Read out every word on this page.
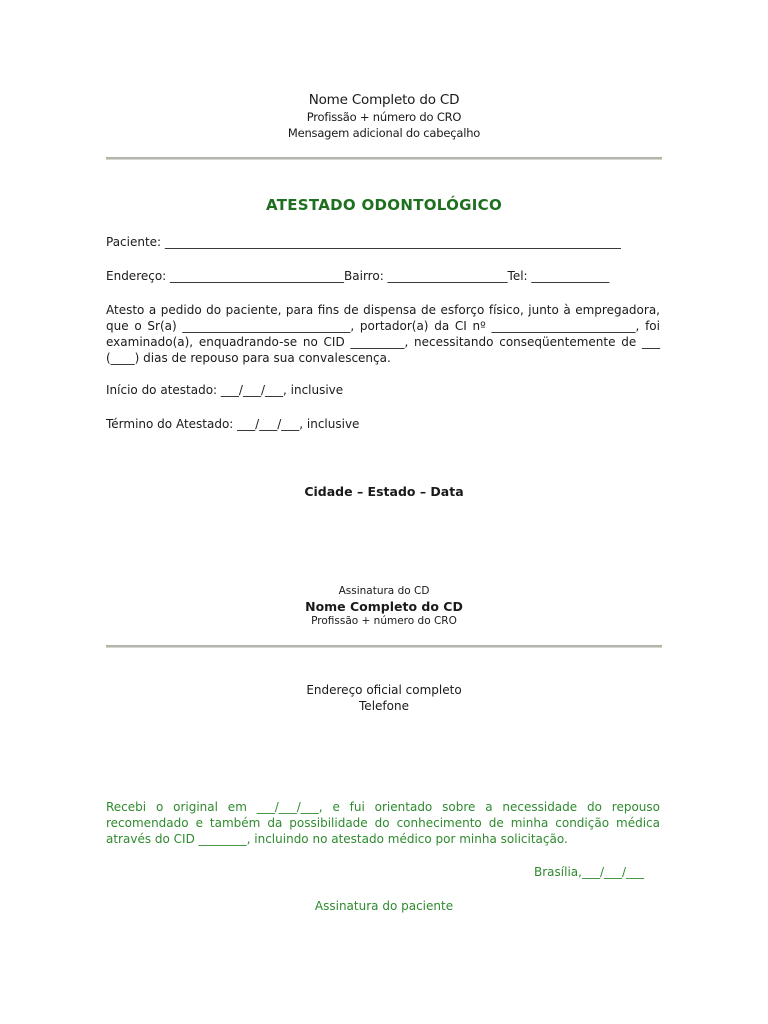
Nome Completo do CD
Profissão + número do CRO
Mensagem adicional do cabeçalho
ATESTADO ODONTOLÓGICO
Paciente: ____________________________________________________________________________
Endereço: _____________________________Bairro: ____________________Tel: _____________
Atesto a pedido do paciente, para fins de dispensa de esforço físico, junto à empregadora, que o Sr(a) ____________________________, portador(a) da CI nº ________________________, foi examinado(a), enquadrando-se no CID _________, necessitando conseqüentemente de ___ (____) dias de repouso para sua convalescença.
Início do atestado: ___/___/___, inclusive
Término do Atestado: ___/___/___, inclusive
Cidade – Estado – Data
Assinatura do CD
Nome Completo do CD
Profissão + número do CRO
Endereço oficial completo
Telefone
Recebi o original em ___/___/___, e fui orientado sobre a necessidade do repouso recomendado e também da possibilidade do conhecimento de minha condição médica através do CID ________, incluindo no atestado médico por minha solicitação.
Brasília,___/___/___
Assinatura do paciente
